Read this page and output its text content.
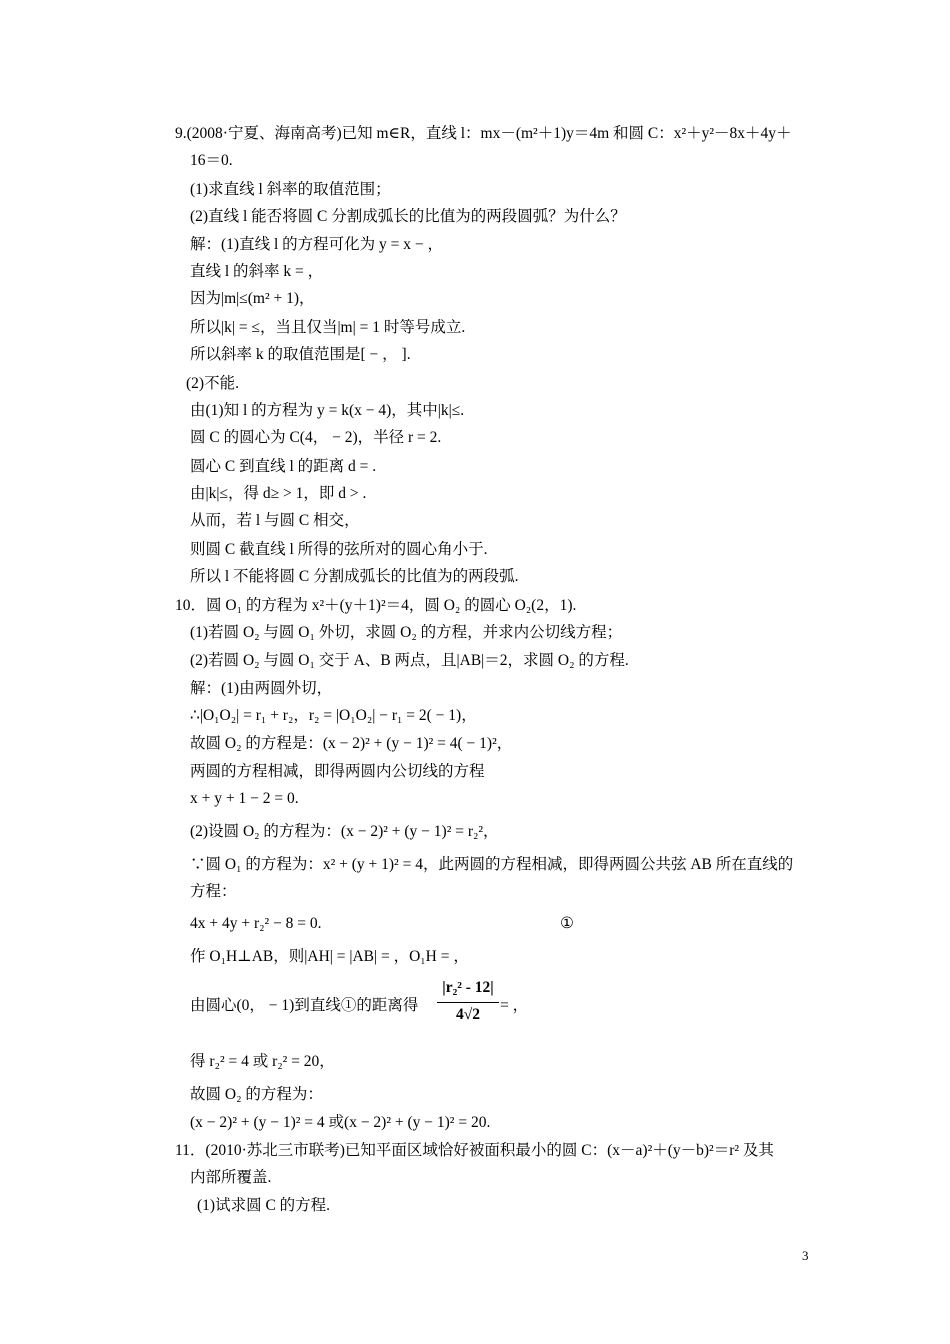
9.(2008·宁夏、海南高考)已知 m∈R，直线 l：mx－(m²＋1)y＝4m 和圆 C：x²＋y²－8x＋4y＋
16＝0.
(1)求直线 l 斜率的取值范围；
(2)直线 l 能否将圆 C 分割成弧长的比值为的两段圆弧？为什么？
解：(1)直线 l 的方程可化为 y = x − ，
直线 l 的斜率 k = ，
因为|m|≤(m² + 1)，
所以|k| = ≤，当且仅当|m| = 1 时等号成立.
所以斜率 k 的取值范围是[ − ， ].
(2)不能.
由(1)知 l 的方程为 y = k(x − 4)，其中|k|≤.
圆 C 的圆心为 C(4， − 2)，半径 r = 2.
圆心 C 到直线 l 的距离 d = .
由|k|≤，得 d≥ > 1，即 d > .
从而，若 l 与圆 C 相交，
则圆 C 截直线 l 所得的弦所对的圆心角小于.
所以 l 不能将圆 C 分割成弧长的比值为的两段弧.
10．圆 O₁ 的方程为 x²＋(y＋1)²＝4，圆 O₂ 的圆心 O₂(2，1).
(1)若圆 O₂ 与圆 O₁ 外切，求圆 O₂ 的方程，并求内公切线方程；
(2)若圆 O₂ 与圆 O₁ 交于 A、B 两点，且|AB|＝2，求圆 O₂ 的方程.
解：(1)由两圆外切，
∴|O₁O₂| = r₁ + r₂，r₂ = |O₁O₂| − r₁ = 2( − 1)，
故圆 O₂ 的方程是：(x − 2)² + (y − 1)² = 4( − 1)²，
两圆的方程相减，即得两圆内公切线的方程
x + y + 1 − 2 = 0.
(2)设圆 O₂ 的方程为：(x − 2)² + (y − 1)² = r₂²，
∵圆 O₁ 的方程为：x² + (y + 1)² = 4，此两圆的方程相减，即得两圆公共弦 AB 所在直线的
方程：
4x + 4y + r₂² − 8 = 0.	①
作 O₁H⊥AB，则|AH| = |AB| = ，O₁H = ，
由圆心(0， − 1)到直线①的距离得 $\frac{\text{|r₂² - 12|}}{4√2}$ = ，
得 r₂² = 4 或 r₂² = 20，
故圆 O₂ 的方程为：
(x − 2)² + (y − 1)² = 4 或(x − 2)² + (y − 1)² = 20.
11．(2010·苏北三市联考)已知平面区域恰好被面积最小的圆 C：(x－a)²＋(y－b)²＝r² 及其
内部所覆盖.
(1)试求圆 C 的方程.
3
